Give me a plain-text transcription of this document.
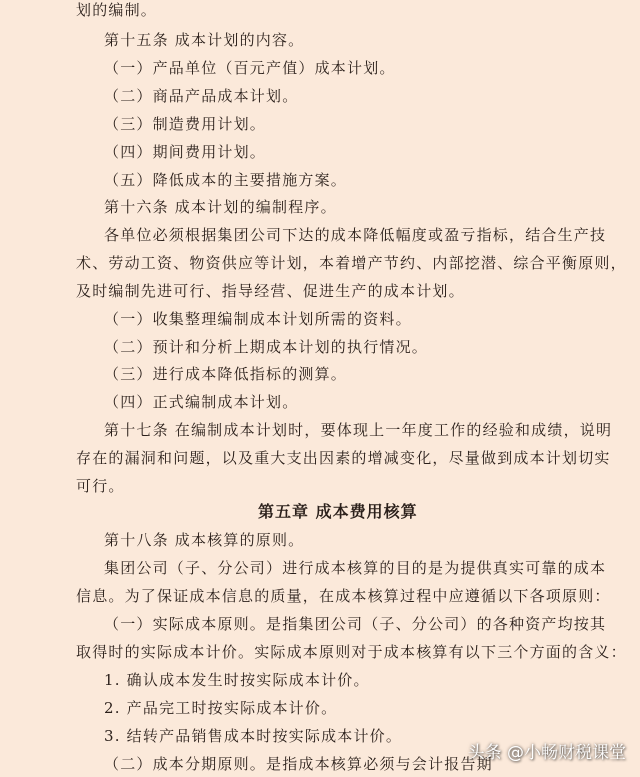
划的编制。
第十五条 成本计划的内容。
（一）产品单位（百元产值）成本计划。
（二）商品产品成本计划。
（三）制造费用计划。
（四）期间费用计划。
（五）降低成本的主要措施方案。
第十六条 成本计划的编制程序。
各单位必须根据集团公司下达的成本降低幅度或盈亏指标，结合生产技
术、劳动工资、物资供应等计划，本着增产节约、内部挖潜、综合平衡原则，
及时编制先进可行、指导经营、促进生产的成本计划。
（一）收集整理编制成本计划所需的资料。
（二）预计和分析上期成本计划的执行情况。
（三）进行成本降低指标的测算。
（四）正式编制成本计划。
第十七条 在编制成本计划时，要体现上一年度工作的经验和成绩，说明
存在的漏洞和问题，以及重大支出因素的增减变化，尽量做到成本计划切实
可行。
第五章 成本费用核算
第十八条 成本核算的原则。
集团公司（子、分公司）进行成本核算的目的是为提供真实可靠的成本
信息。为了保证成本信息的质量，在成本核算过程中应遵循以下各项原则：
（一）实际成本原则。是指集团公司（子、分公司）的各种资产均按其
取得时的实际成本计价。实际成本原则对于成本核算有以下三个方面的含义：
1. 确认成本发生时按实际成本计价。
2. 产品完工时按实际成本计价。
3. 结转产品销售成本时按实际成本计价。
（二）成本分期原则。是指成本核算必须与会计报告期
头条 @小畅财税课堂
